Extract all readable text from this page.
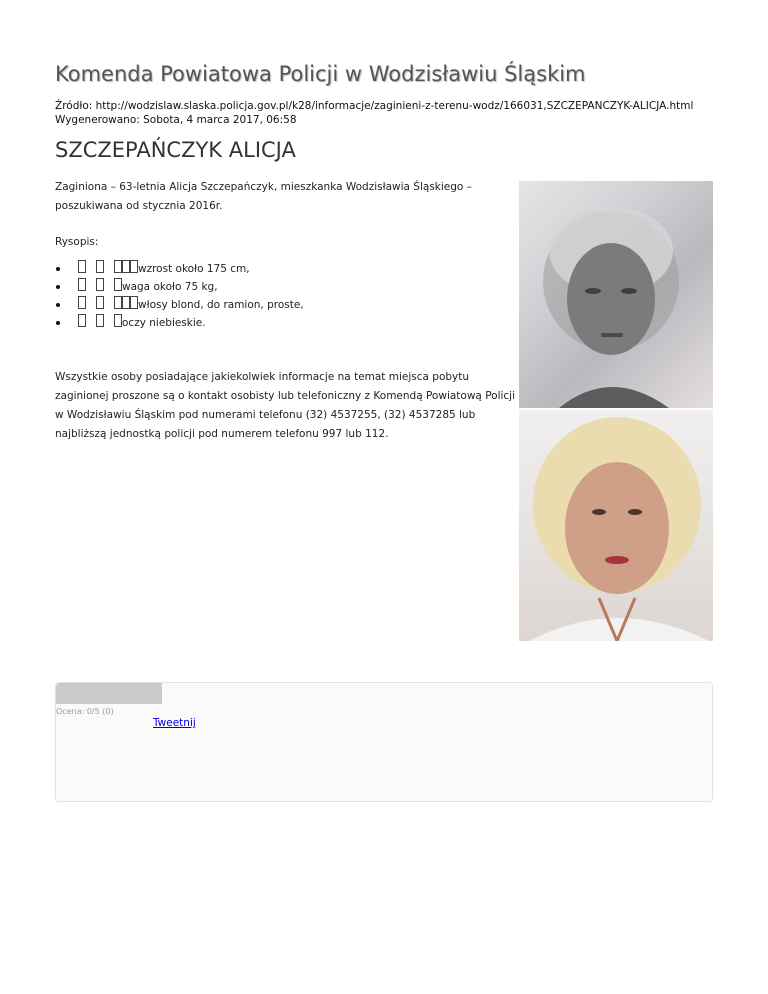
Komenda Powiatowa Policji w Wodzisławiu Śląskim
Źródło: http://wodzislaw.slaska.policja.gov.pl/k28/informacje/zaginieni-z-terenu-wodz/166031,SZCZEPANCZYK-ALICJA.html
Wygenerowano: Sobota, 4 marca 2017, 06:58
SZCZEPAŃCZYK ALICJA

Zaginiona – 63-letnia Alicja Szczepańczyk, mieszkanka Wodzisławia Śląskiego – poszukiwana od stycznia 2016r.

Rysopis:

wzrost około 175 cm,
waga około 75 kg,
włosy blond, do ramion, proste,
oczy niebieskie.

Wszystkie osoby posiadające jakiekolwiek informacje na temat miejsca pobytu zaginionej proszone są o kontakt osobisty lub telefoniczny z Komendą Powiatową Policji w Wodzisławiu Śląskim pod numerami telefonu (32) 4537255, (32) 4537285 lub najbliższą jednostką policji pod numerem telefonu 997 lub 112.

Ocena: 0/5 (0)
Tweetnij
